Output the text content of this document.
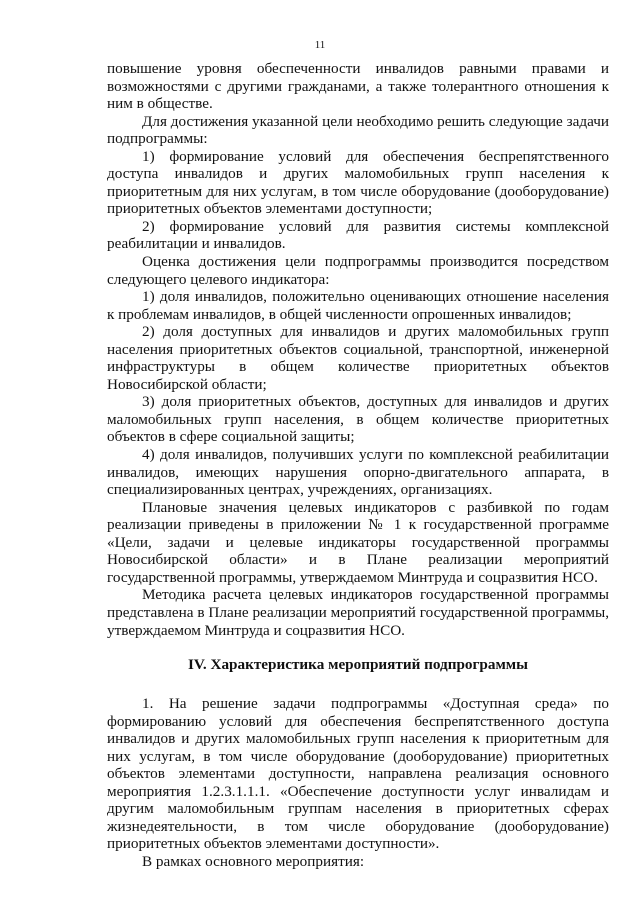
11

повышение уровня обеспеченности инвалидов равными правами и возможностями с другими гражданами, а также толерантного отношения к ним в обществе.

Для достижения указанной цели необходимо решить следующие задачи подпрограммы:

1) формирование условий для обеспечения беспрепятственного доступа инвалидов и других маломобильных групп населения к приоритетным для них услугам, в том числе оборудование (дооборудование) приоритетных объектов элементами доступности;

2) формирование условий для развития системы комплексной реабилитации и инвалидов.

Оценка достижения цели подпрограммы производится посредством следующего целевого индикатора:

1) доля инвалидов, положительно оценивающих отношение населения к проблемам инвалидов, в общей численности опрошенных инвалидов;

2) доля доступных для инвалидов и других маломобильных групп населения приоритетных объектов социальной, транспортной, инженерной инфраструктуры в общем количестве приоритетных объектов Новосибирской области;

3) доля приоритетных объектов, доступных для инвалидов и других маломобильных групп населения, в общем количестве приоритетных объектов в сфере социальной защиты;

4) доля инвалидов, получивших услуги по комплексной реабилитации инвалидов, имеющих нарушения опорно-двигательного аппарата, в специализированных центрах, учреждениях, организациях.

Плановые значения целевых индикаторов с разбивкой по годам реализации приведены в приложении № 1 к государственной программе «Цели, задачи и целевые индикаторы государственной программы Новосибирской области» и в Плане реализации мероприятий государственной программы, утверждаемом Минтруда и соцразвития НСО.

Методика расчета целевых индикаторов государственной программы представлена в Плане реализации мероприятий государственной программы, утверждаемом Минтруда и соцразвития НСО.

IV. Характеристика мероприятий подпрограммы

1. На решение задачи подпрограммы «Доступная среда» по формированию условий для обеспечения беспрепятственного доступа инвалидов и других маломобильных групп населения к приоритетным для них услугам, в том числе оборудование (дооборудование) приоритетных объектов элементами доступности, направлена реализация основного мероприятия 1.2.3.1.1.1. «Обеспечение доступности услуг инвалидам и другим маломобильным группам населения в приоритетных сферах жизнедеятельности, в том числе оборудование (дооборудование) приоритетных объектов элементами доступности».

В рамках основного мероприятия:
